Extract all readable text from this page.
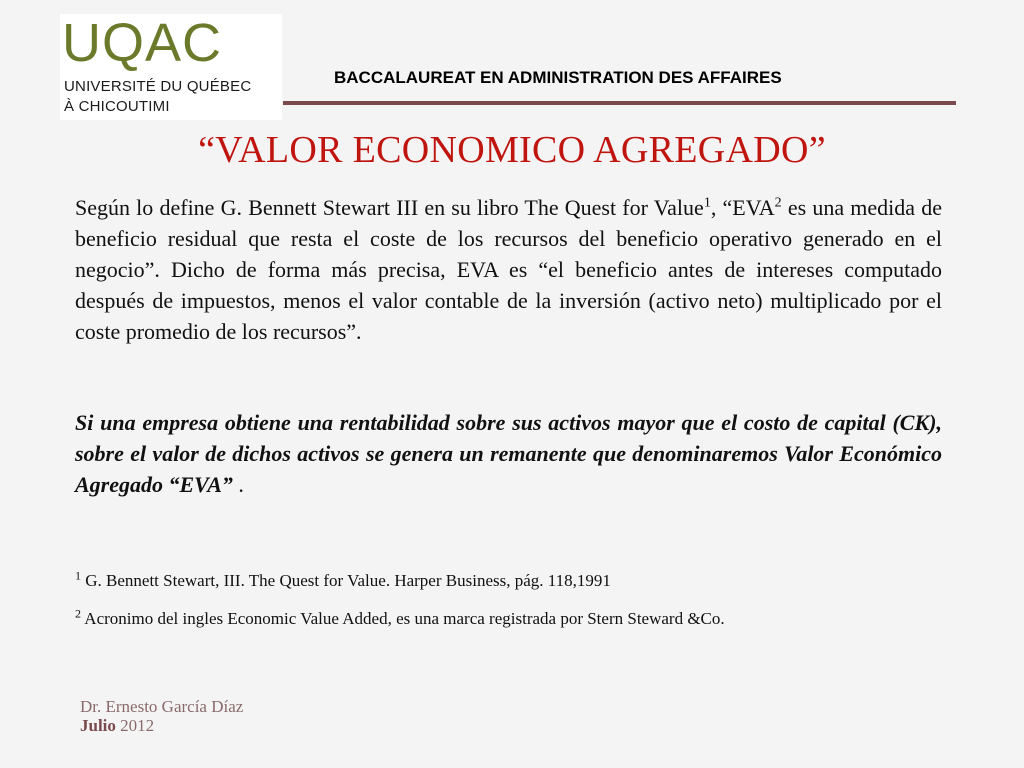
UQAC
UNIVERSITÉ DU QUÉBEC
À CHICOUTIMI
BACCALAUREAT EN ADMINISTRATION DES AFFAIRES
“VALOR ECONOMICO AGREGADO”
Según lo define G. Bennett Stewart III en su libro The Quest for Value$^1$, “EVA$^2$ es una medida de beneficio residual que resta el coste de los recursos del beneficio operativo generado en el negocio”. Dicho de forma más precisa, EVA es “el beneficio antes de intereses computado después de impuestos, menos el valor contable de la inversión (activo neto) multiplicado por el coste promedio de los recursos”.
Si una empresa obtiene una rentabilidad sobre sus activos mayor que el costo de capital (CK), sobre el valor de dichos activos se genera un remanente que denominaremos Valor Económico Agregado “EVA” .
$^1$ G. Bennett Stewart, III. The Quest for Value. Harper Business, pág. 118,1991
$^2$ Acronimo del ingles Economic Value Added, es una marca registrada por Stern Steward &Co.
Dr. Ernesto García Díaz
Julio 2012
